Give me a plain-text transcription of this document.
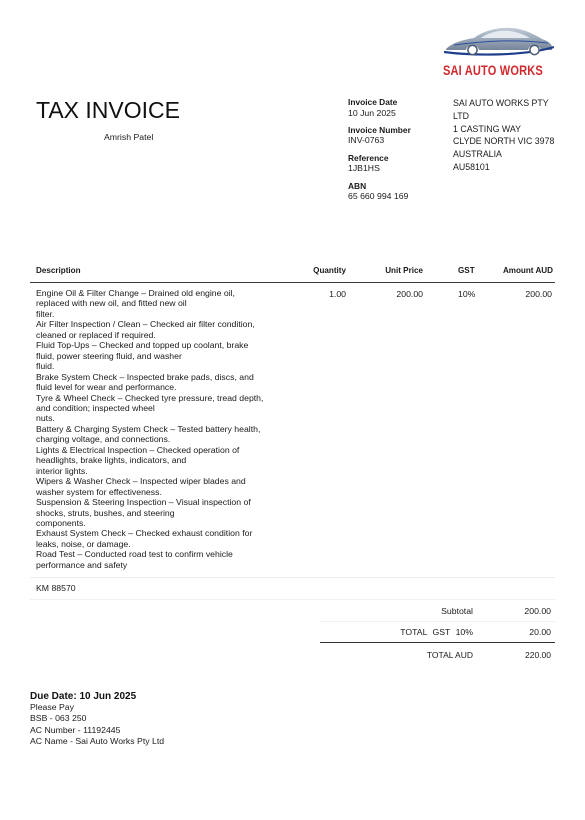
SAI AUTO WORKS
TAX INVOICE
Amrish Patel
Invoice Date
10 Jun 2025
Invoice Number
INV-0763
Reference
1JB1HS
ABN
65 660 994 169
SAI AUTO WORKS PTY
LTD
1 CASTING WAY
CLYDE NORTH VIC 3978
AUSTRALIA
AU58101
Description	Quantity	Unit Price	GST	Amount AUD
Engine Oil & Filter Change – Drained old engine oil,
replaced with new oil, and fitted new oil
filter.
Air Filter Inspection / Clean – Checked air filter condition,
cleaned or replaced if required.
Fluid Top-Ups – Checked and topped up coolant, brake
fluid, power steering fluid, and washer
fluid.
Brake System Check – Inspected brake pads, discs, and
fluid level for wear and performance.
Tyre & Wheel Check – Checked tyre pressure, tread depth,
and condition; inspected wheel
nuts.
Battery & Charging System Check – Tested battery health,
charging voltage, and connections.
Lights & Electrical Inspection – Checked operation of
headlights, brake lights, indicators, and
interior lights.
Wipers & Washer Check – Inspected wiper blades and
washer system for effectiveness.
Suspension & Steering Inspection – Visual inspection of
shocks, struts, bushes, and steering
components.
Exhaust System Check – Checked exhaust condition for
leaks, noise, or damage.
Road Test – Conducted road test to confirm vehicle
performance and safety
1.00	200.00	10%	200.00
KM 88570
Subtotal	200.00
TOTAL GST 10%	20.00
TOTAL AUD	220.00
Due Date: 10 Jun 2025
Please Pay
BSB - 063 250
AC Number - 11192445
AC Name - Sai Auto Works Pty Ltd
